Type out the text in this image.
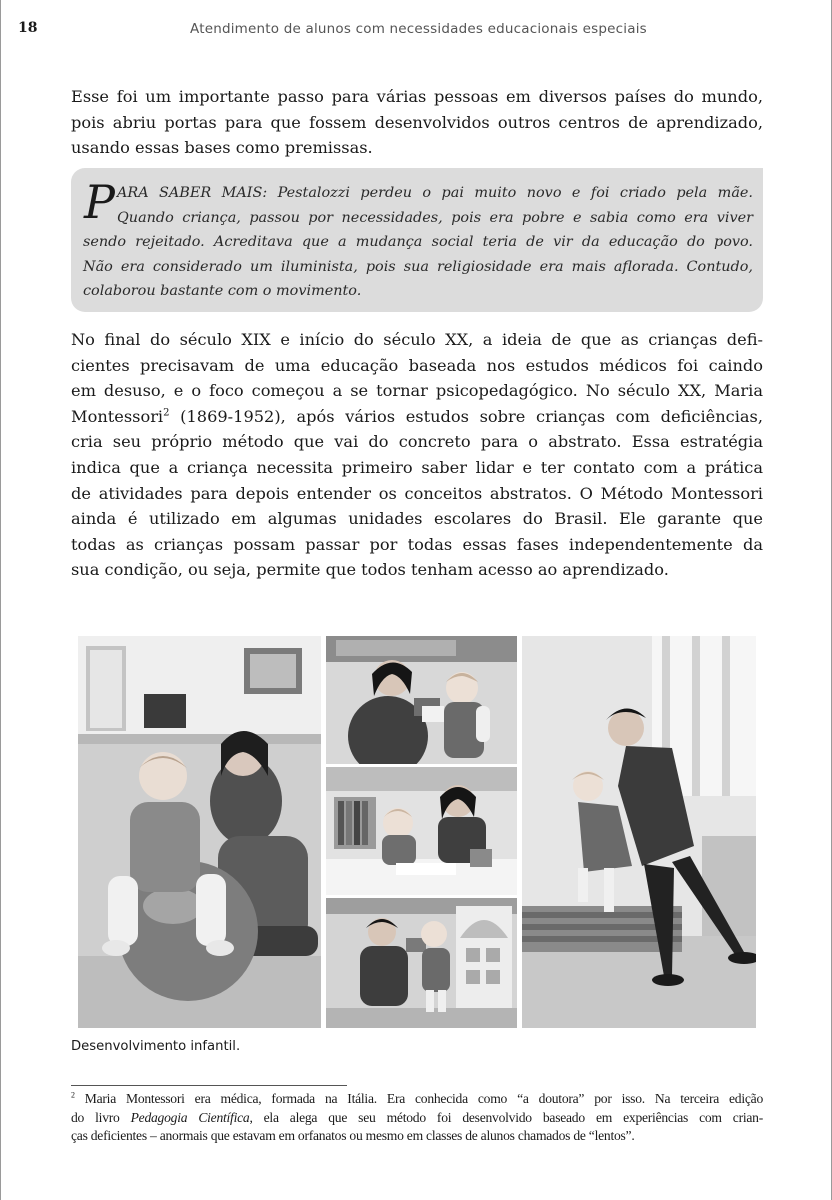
18	Atendimento de alunos com necessidades educacionais especiais
Esse foi um importante passo para várias pessoas em diversos países do mundo,
pois abriu portas para que fossem desenvolvidos outros centros de aprendizado,
usando essas bases como premissas.
P ARA SABER MAIS: Pestalozzi perdeu o pai muito novo e foi criado pela mãe.
Quando criança, passou por necessidades, pois era pobre e sabia como era viver
sendo rejeitado. Acreditava que a mudança social teria de vir da educação do povo.
Não era considerado um iluminista, pois sua religiosidade era mais aflorada. Contudo,
colaborou bastante com o movimento.
No final do século XIX e início do século XX, a ideia de que as crianças defi-
cientes precisavam de uma educação baseada nos estudos médicos foi caindo
em desuso, e o foco começou a se tornar psicopedagógico. No século XX, Maria
Montessori$^2$ (1869-1952), após vários estudos sobre crianças com deficiências,
cria seu próprio método que vai do concreto para o abstrato. Essa estratégia
indica que a criança necessita primeiro saber lidar e ter contato com a prática
de atividades para depois entender os conceitos abstratos. O Método Montessori
ainda é utilizado em algumas unidades escolares do Brasil. Ele garante que
todas as crianças possam passar por todas essas fases independentemente da
sua condição, ou seja, permite que todos tenham acesso ao aprendizado.
Desenvolvimento infantil.
$^2$ Maria Montessori era médica, formada na Itália. Era conhecida como “a doutora” por isso. Na terceira edição
do livro Pedagogia Científica, ela alega que seu método foi desenvolvido baseado em experiências com crian-
ças deficientes – anormais que estavam em orfanatos ou mesmo em classes de alunos chamados de “lentos”.
